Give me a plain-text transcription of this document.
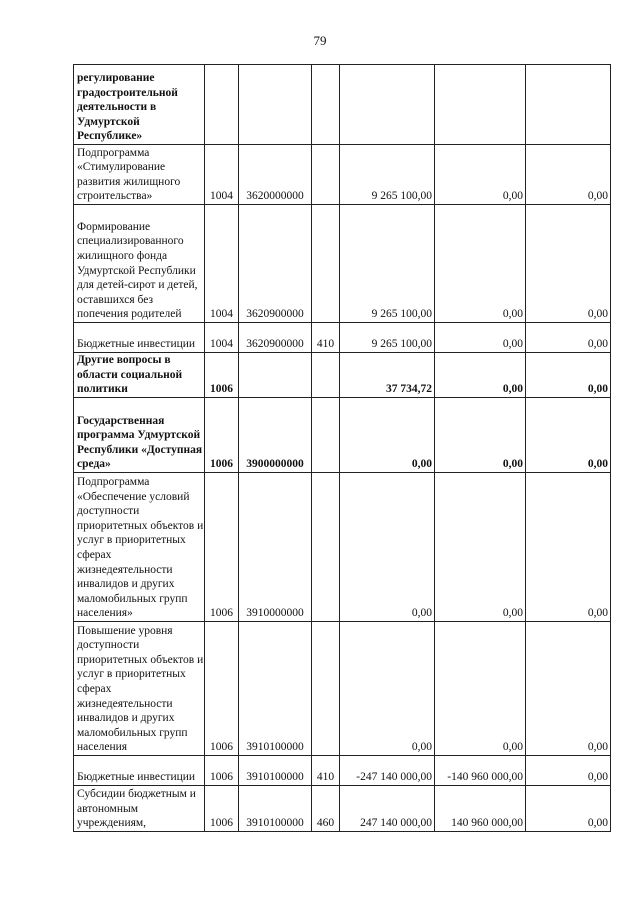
79
регулирование градостроительной деятельности в Удмуртской Республике»						
Подпрограмма «Стимулирование развития жилищного строительства»	1004	3620000000		9 265 100,00	0,00	0,00
Формирование специализированного жилищного фонда Удмуртской Республики для детей-сирот и детей, оставшихся без попечения родителей	1004	3620900000		9 265 100,00	0,00	0,00
Бюджетные инвестиции	1004	3620900000	410	9 265 100,00	0,00	0,00
Другие вопросы в области социальной политики	1006			37 734,72	0,00	0,00
Государственная программа Удмуртской Республики «Доступная среда»	1006	3900000000		0,00	0,00	0,00
Подпрограмма «Обеспечение условий доступности приоритетных объектов и услуг в приоритетных сферах жизнедеятельности инвалидов и других маломобильных групп населения»	1006	3910000000		0,00	0,00	0,00
Повышение уровня доступности приоритетных объектов и услуг в приоритетных сферах жизнедеятельности инвалидов и других маломобильных групп населения	1006	3910100000		0,00	0,00	0,00
Бюджетные инвестиции	1006	3910100000	410	-247 140 000,00	-140 960 000,00	0,00
Субсидии бюджетным и автономным учреждениям,	1006	3910100000	460	247 140 000,00	140 960 000,00	0,00
